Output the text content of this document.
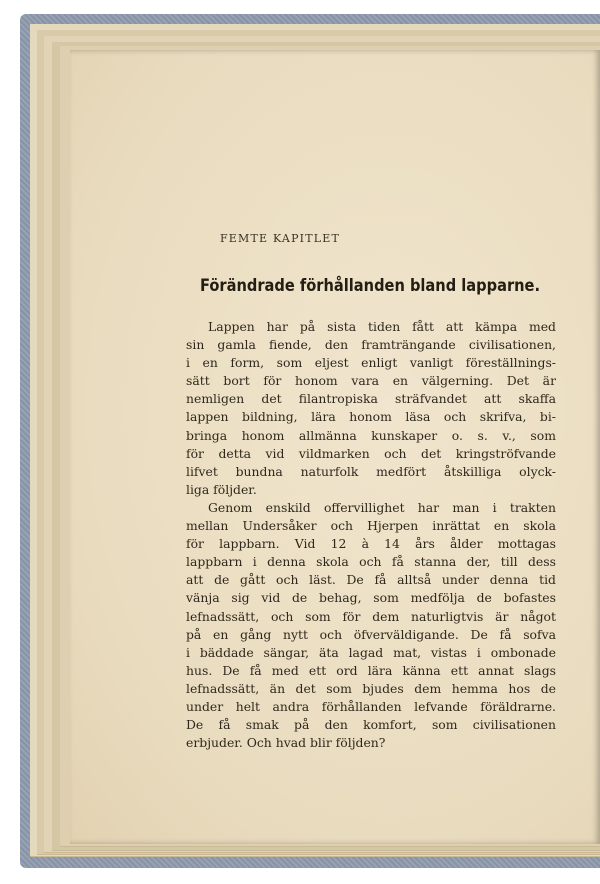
FEMTE KAPITLET
Förändrade förhållanden bland lapparne.
Lappen har på sista tiden fått att kämpa med
sin gamla fiende, den framträngande civilisationen,
i en form, som eljest enligt vanligt föreställnings-
sätt bort för honom vara en välgerning. Det är
nemligen det filantropiska sträfvandet att skaffa
lappen bildning, lära honom läsa och skrifva, bi-
bringa honom allmänna kunskaper o. s. v., som
för detta vid vildmarken och det kringströfvande
lifvet bundna naturfolk medfört åtskilliga olyck-
liga följder.
Genom enskild offervillighet har man i trakten
mellan Undersåker och Hjerpen inrättat en skola
för lappbarn. Vid 12 à 14 års ålder mottagas
lappbarn i denna skola och få stanna der, till dess
att de gått och läst. De få alltså under denna tid
vänja sig vid de behag, som medfölja de bofastes
lefnadssätt, och som för dem naturligtvis är något
på en gång nytt och öfverväldigande. De få sofva
i bäddade sängar, äta lagad mat, vistas i ombonade
hus. De få med ett ord lära känna ett annat slags
lefnadssätt, än det som bjudes dem hemma hos de
under helt andra förhållanden lefvande föräldrarne.
De få smak på den komfort, som civilisationen
erbjuder. Och hvad blir följden?
